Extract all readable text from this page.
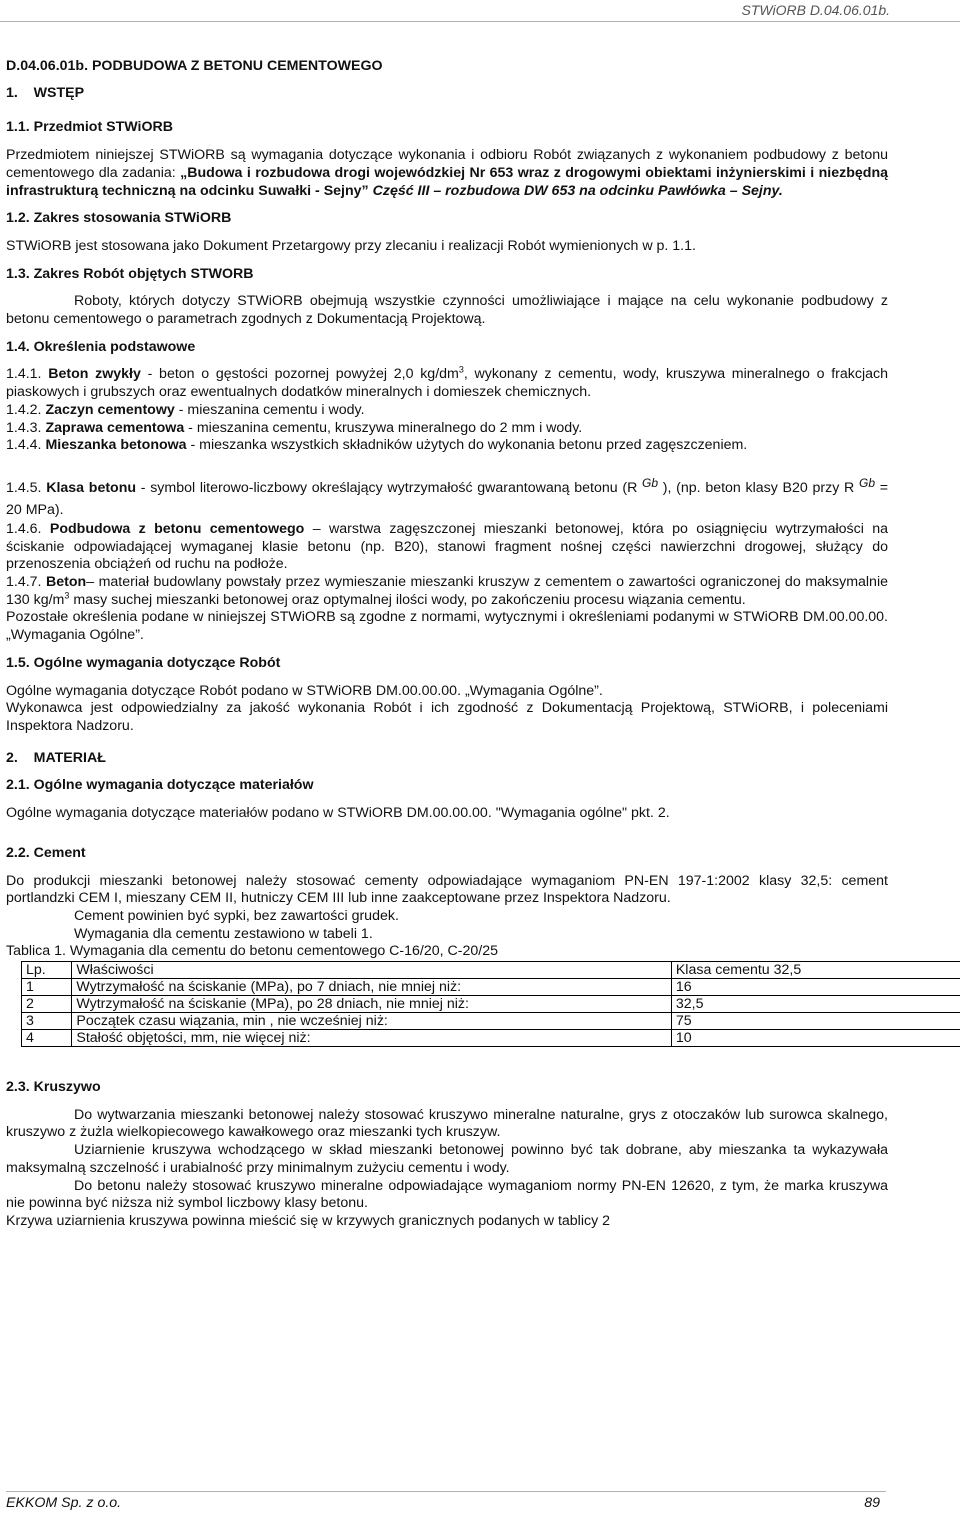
STWiORB D.04.06.01b.

D.04.06.01b. PODBUDOWA Z BETONU CEMENTOWEGO

1. WSTĘP

1.1. Przedmiot STWiORB

Przedmiotem niniejszej STWiORB są wymagania dotyczące wykonania i odbioru Robót związanych z wykonaniem podbudowy z betonu cementowego dla zadania: „Budowa i rozbudowa drogi wojewódzkiej Nr 653 wraz z drogowymi obiektami inżynierskimi i niezbędną infrastrukturą techniczną na odcinku Suwałki - Sejny” Część III – rozbudowa DW 653 na odcinku Pawłówka – Sejny.

1.2. Zakres stosowania STWiORB

STWiORB jest stosowana jako Dokument Przetargowy przy zlecaniu i realizacji Robót wymienionych w p. 1.1.

1.3. Zakres Robót objętych STWORB

Roboty, których dotyczy STWiORB obejmują wszystkie czynności umożliwiające i mające na celu wykonanie podbudowy z betonu cementowego o parametrach zgodnych z Dokumentacją Projektową.

1.4. Określenia podstawowe

1.4.1. Beton zwykły - beton o gęstości pozornej powyżej 2,0 $kg/dm^3$, wykonany z cementu, wody, kruszywa mineralnego o frakcjach piaskowych i grubszych oraz ewentualnych dodatków mineralnych i domieszek chemicznych.

1.4.2. Zaczyn cementowy - mieszanina cementu i wody.

1.4.3. Zaprawa cementowa - mieszanina cementu, kruszywa mineralnego do 2 mm i wody.

1.4.4. Mieszanka betonowa - mieszanka wszystkich składników użytych do wykonania betonu przed zagęszczeniem.

1.4.5. Klasa betonu - symbol literowo-liczbowy określający wytrzymałość gwarantowaną betonu (R $^{Gb}$ ), (np. beton klasy B20 przy R $^{Gb}$ = 20 MPa).

1.4.6. Podbudowa z betonu cementowego – warstwa zagęszczonej mieszanki betonowej, która po osiągnięciu wytrzymałości na ściskanie odpowiadającej wymaganej klasie betonu (np. B20), stanowi fragment nośnej części nawierzchni drogowej, służący do przenoszenia obciążeń od ruchu na podłoże.

1.4.7. Beton– materiał budowlany powstały przez wymieszanie mieszanki kruszyw z cementem o zawartości ograniczonej do maksymalnie 130 $kg/m^3$ masy suchej mieszanki betonowej oraz optymalnej ilości wody, po zakończeniu procesu wiązania cementu.

Pozostałe określenia podane w niniejszej STWiORB są zgodne z normami, wytycznymi i określeniami podanymi w STWiORB DM.00.00.00. „Wymagania Ogólne”.

1.5. Ogólne wymagania dotyczące Robót

Ogólne wymagania dotyczące Robót podano w STWiORB DM.00.00.00. „Wymagania Ogólne”.

Wykonawca jest odpowiedzialny za jakość wykonania Robót i ich zgodność z Dokumentacją Projektową, STWiORB, i poleceniami Inspektora Nadzoru.

2. MATERIAŁ

2.1. Ogólne wymagania dotyczące materiałów

Ogólne wymagania dotyczące materiałów podano w STWiORB DM.00.00.00. "Wymagania ogólne" pkt. 2.

2.2. Cement

Do produkcji mieszanki betonowej należy stosować cementy odpowiadające wymaganiom PN-EN 197-1:2002 klasy 32,5: cement portlandzki CEM I, mieszany CEM II, hutniczy CEM III lub inne zaakceptowane przez Inspektora Nadzoru.

Cement powinien być sypki, bez zawartości grudek.

Wymagania dla cementu zestawiono w tabeli 1.

Tablica 1. Wymagania dla cementu do betonu cementowego C-16/20, C-20/25

Lp.	Właściwości	Klasa cementu 32,5
1	Wytrzymałość na ściskanie (MPa), po 7 dniach, nie mniej niż:	16
2	Wytrzymałość na ściskanie (MPa), po 28 dniach, nie mniej niż:	32,5
3	Początek czasu wiązania, min , nie wcześniej niż:	75
4	Stałość objętości, mm, nie więcej niż:	10

2.3. Kruszywo

Do wytwarzania mieszanki betonowej należy stosować kruszywo mineralne naturalne, grys z otoczaków lub surowca skalnego, kruszywo z żużla wielkopiecowego kawałkowego oraz mieszanki tych kruszyw.

Uziarnienie kruszywa wchodzącego w skład mieszanki betonowej powinno być tak dobrane, aby mieszanka ta wykazywała maksymalną szczelność i urabialność przy minimalnym zużyciu cementu i wody.

Do betonu należy stosować kruszywo mineralne odpowiadające wymaganiom normy PN-EN 12620, z tym, że marka kruszywa nie powinna być niższa niż symbol liczbowy klasy betonu.

Krzywa uziarnienia kruszywa powinna mieścić się w krzywych granicznych podanych w tablicy 2

EKKOM Sp. z o.o.	89
